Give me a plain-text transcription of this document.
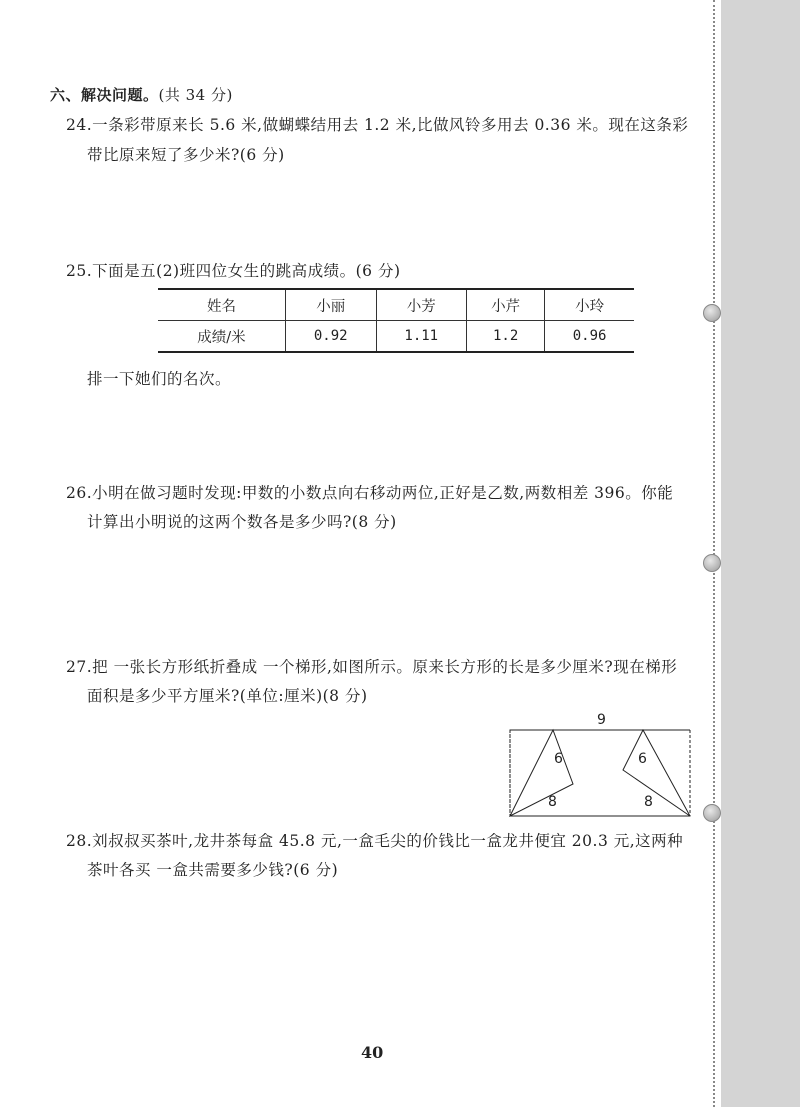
六、解决问题。(共 34 分)
24.一条彩带原来长 5.6 米,做蝴蝶结用去 1.2 米,比做风铃多用去 0.36 米。现在这条彩
带比原来短了多少米?(6 分)
25.下面是五(2)班四位女生的跳高成绩。(6 分)
姓名	小丽	小芳	小芹	小玲
成绩/米	0.92	1.11	1.2	0.96
排一下她们的名次。
26.小明在做习题时发现:甲数的小数点向右移动两位,正好是乙数,两数相差 396。你能
计算出小明说的这两个数各是多少吗?(8 分)
27.把 一张长方形纸折叠成 一个梯形,如图所示。原来长方形的长是多少厘米?现在梯形
面积是多少平方厘米?(单位:厘米)(8 分)
9
6	6
8	8
28.刘叔叔买茶叶,龙井茶每盒 45.8 元,一盒毛尖的价钱比一盒龙井便宜 20.3 元,这两种
茶叶各买 一盒共需要多少钱?(6 分)
40
